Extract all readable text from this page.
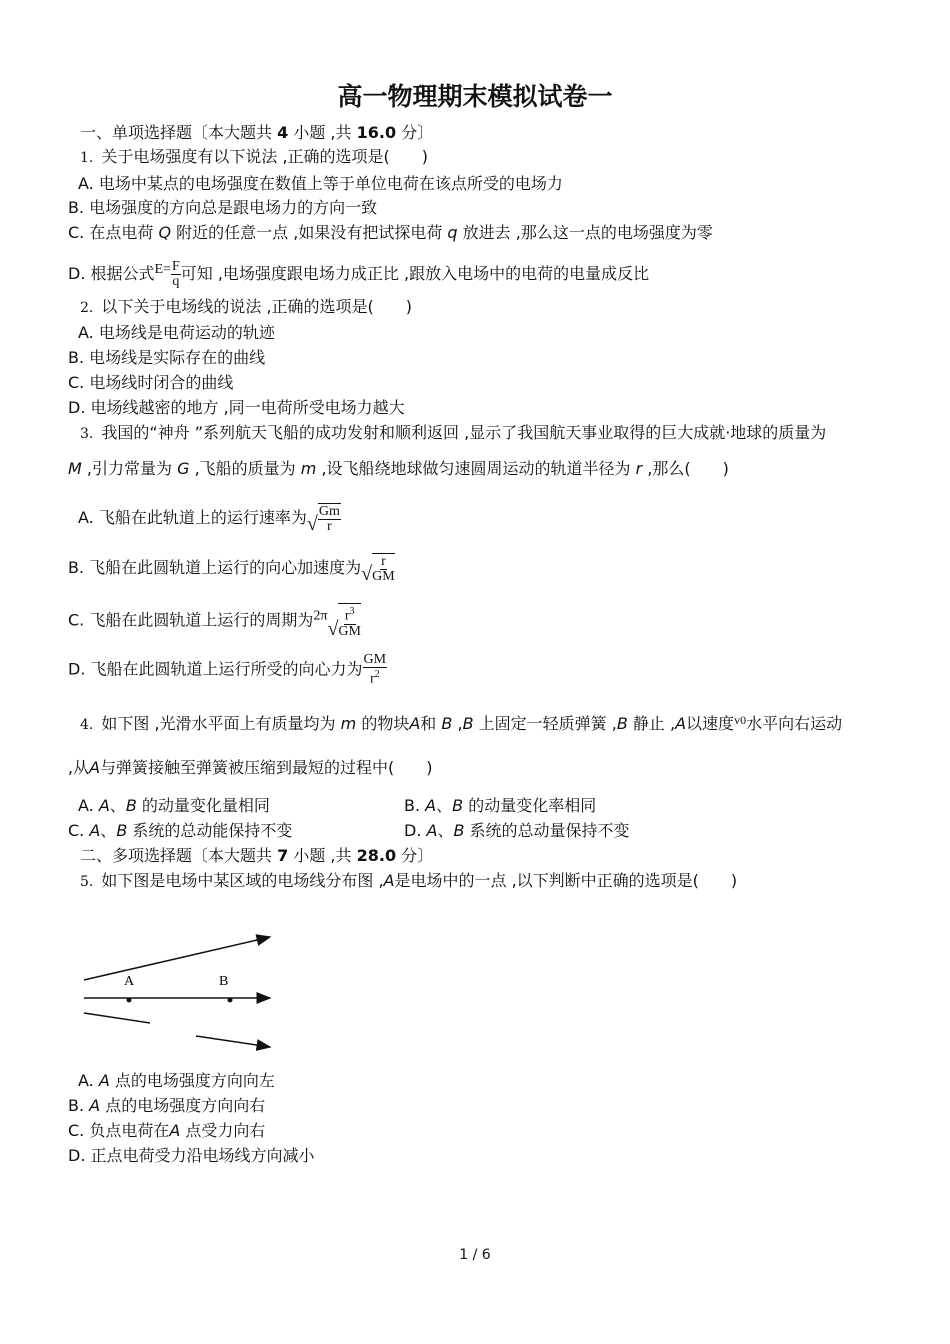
高一物理期末模拟试卷一
一、单项选择题〔本大题共 4 小题 ,共 16.0 分〕
1. 关于电场强度有以下说法 ,正确的选项是(　　)
A. 电场中某点的电场强度在数值上等于单位电荷在该点所受的电场力
B. 电场强度的方向总是跟电场力的方向一致
C. 在点电荷 Q 附近的任意一点 ,如果没有把试探电荷 q 放进去 ,那么这一点的电场强度为零
D. 根据公式$E= \frac{F}{q}$ 可知 ,电场强度跟电场力成正比 ,跟放入电场中的电荷的电量成反比
2. 以下关于电场线的说法 ,正确的选项是(　　)
A. 电场线是电荷运动的轨迹
B. 电场线是实际存在的曲线
C. 电场线时闭合的曲线
D. 电场线越密的地方 ,同一电荷所受电场力越大
3. 我国的“神舟 ”系列航天飞船的成功发射和顺利返回 ,显示了我国航天事业取得的巨大成就·地球的质量为
M ,引力常量为 G ,飞船的质量为 m ,设飞船绕地球做匀速圆周运动的轨道半径为 r ,那么(　　)
A. 飞船在此轨道上的运行速率为 √ $\frac{Gm}{r}$
B. 飞船在此圆轨道上运行的向心加速度为 √ $\frac{r}{GM}$
C. 飞船在此圆轨道上运行的周期为2π
√ $\frac{r^3}{GM}$
D. 飞船在此圆轨道上运行所受的向心力为 $\frac{GM}{r^2}$
4. 如下图 ,光滑水平面上有质量均为 m 的物块A和 B ,B 上固定一轻质弹簧 ,B 静止 ,A以速度$^{v0}$水平向右运动
,从A与弹簧接触至弹簧被压缩到最短的过程中(　　)
A. A、B 的动量变化量相同	B. A、B 的动量变化率相同
C. A、B 系统的总动能保持不变	D. A、B 系统的总动量保持不变
二、多项选择题〔本大题共 7 小题 ,共 28.0 分〕
5. 如下图是电场中某区域的电场线分布图 ,A是电场中的一点 ,以下判断中正确的选项是(　　)
A	B
A. A 点的电场强度方向向左
B. A 点的电场强度方向向右
C. 负点电荷在A 点受力向右
D. 正点电荷受力沿电场线方向减小
1 / 6
